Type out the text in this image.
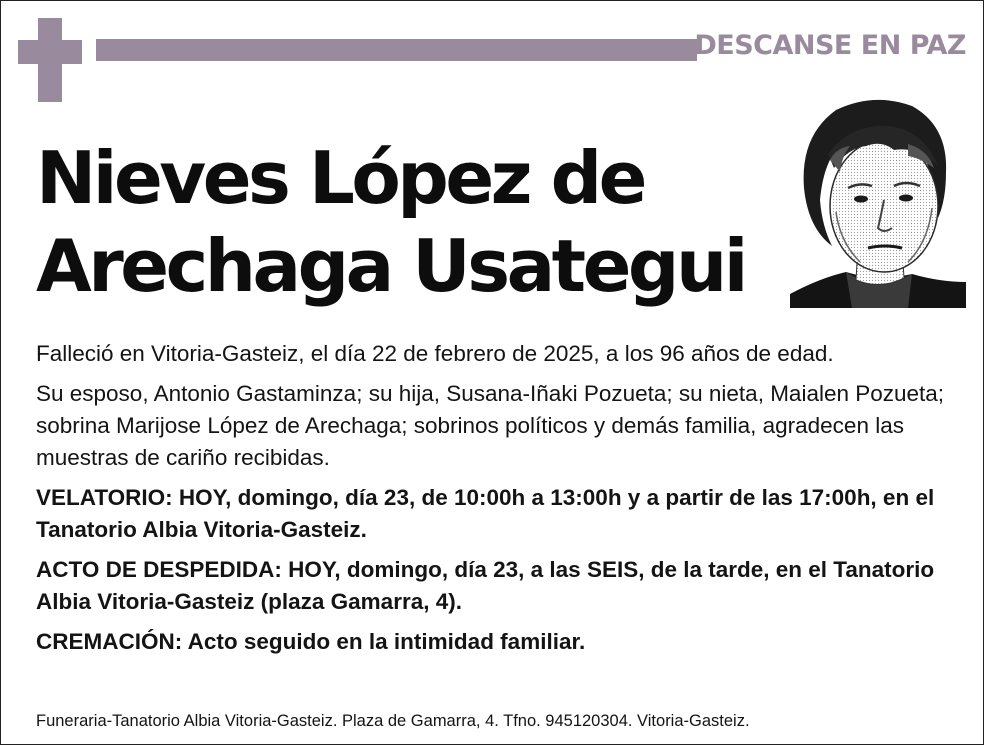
DESCANSE EN PAZ
Nieves López de
Arechaga Usategui

Falleció en Vitoria-Gasteiz, el día 22 de febrero de 2025, a los 96 años de edad.

Su esposo, Antonio Gastaminza; su hija, Susana-Iñaki Pozueta; su nieta, Maialen Pozueta; sobrina Marijose López de Arechaga; sobrinos políticos y demás familia, agradecen las muestras de cariño recibidas.

VELATORIO: HOY, domingo, día 23, de 10:00h a 13:00h y a partir de las 17:00h, en el Tanatorio Albia Vitoria-Gasteiz.

ACTO DE DESPEDIDA: HOY, domingo, día 23, a las SEIS, de la tarde, en el Tanatorio Albia Vitoria-Gasteiz (plaza Gamarra, 4).

CREMACIÓN: Acto seguido en la intimidad familiar.

Funeraria-Tanatorio Albia Vitoria-Gasteiz. Plaza de Gamarra, 4. Tfno. 945120304. Vitoria-Gasteiz.
